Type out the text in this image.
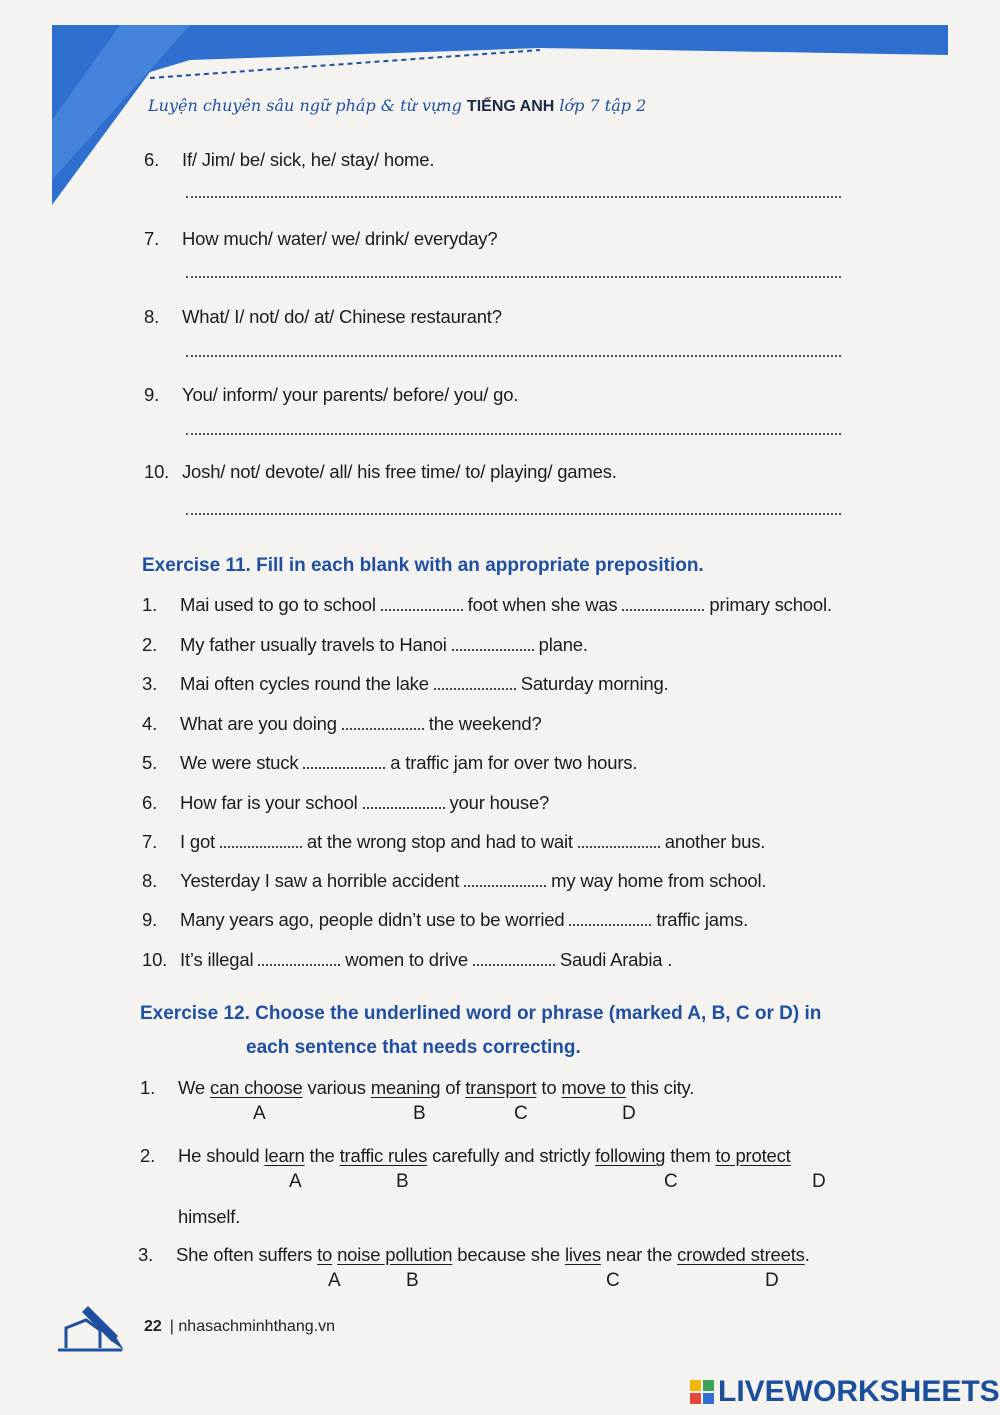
Luyện chuyên sâu ngữ pháp & từ vựng TIẾNG ANH lớp 7 tập 2
6. If/ Jim/ be/ sick, he/ stay/ home.
7. How much/ water/ we/ drink/ everyday?
8. What/ I/ not/ do/ at/ Chinese restaurant?
9. You/ inform/ your parents/ before/ you/ go.
10. Josh/ not/ devote/ all/ his free time/ to/ playing/ games.
Exercise 11. Fill in each blank with an appropriate preposition.
1. Mai used to go to school	foot when she was	primary school.
2. My father usually travels to Hanoi	plane.
3. Mai often cycles round the lake	Saturday morning.
4. What are you doing	the weekend?
5. We were stuck	a traffic jam for over two hours.
6. How far is your school	your house?
7. I got	at the wrong stop and had to wait	another bus.
8. Yesterday I saw a horrible accident	my way home from school.
9. Many years ago, people didn’t use to be worried	traffic jams.
10. It’s illegal	women to drive	Saudi Arabia .
Exercise 12. Choose the underlined word or phrase (marked A, B, C or D) in
each sentence that needs correcting.
1. We can choose various meaning of transport to move to this city.
A	B	C	D
2. He should learn the traffic rules carefully and strictly following them to protect
A	B	C	D
himself.
3. She often suffers to noise pollution because she lives near the crowded streets.
A	B	C	D
22 | nhasachminhthang.vn
LIVEWORKSHEETS
